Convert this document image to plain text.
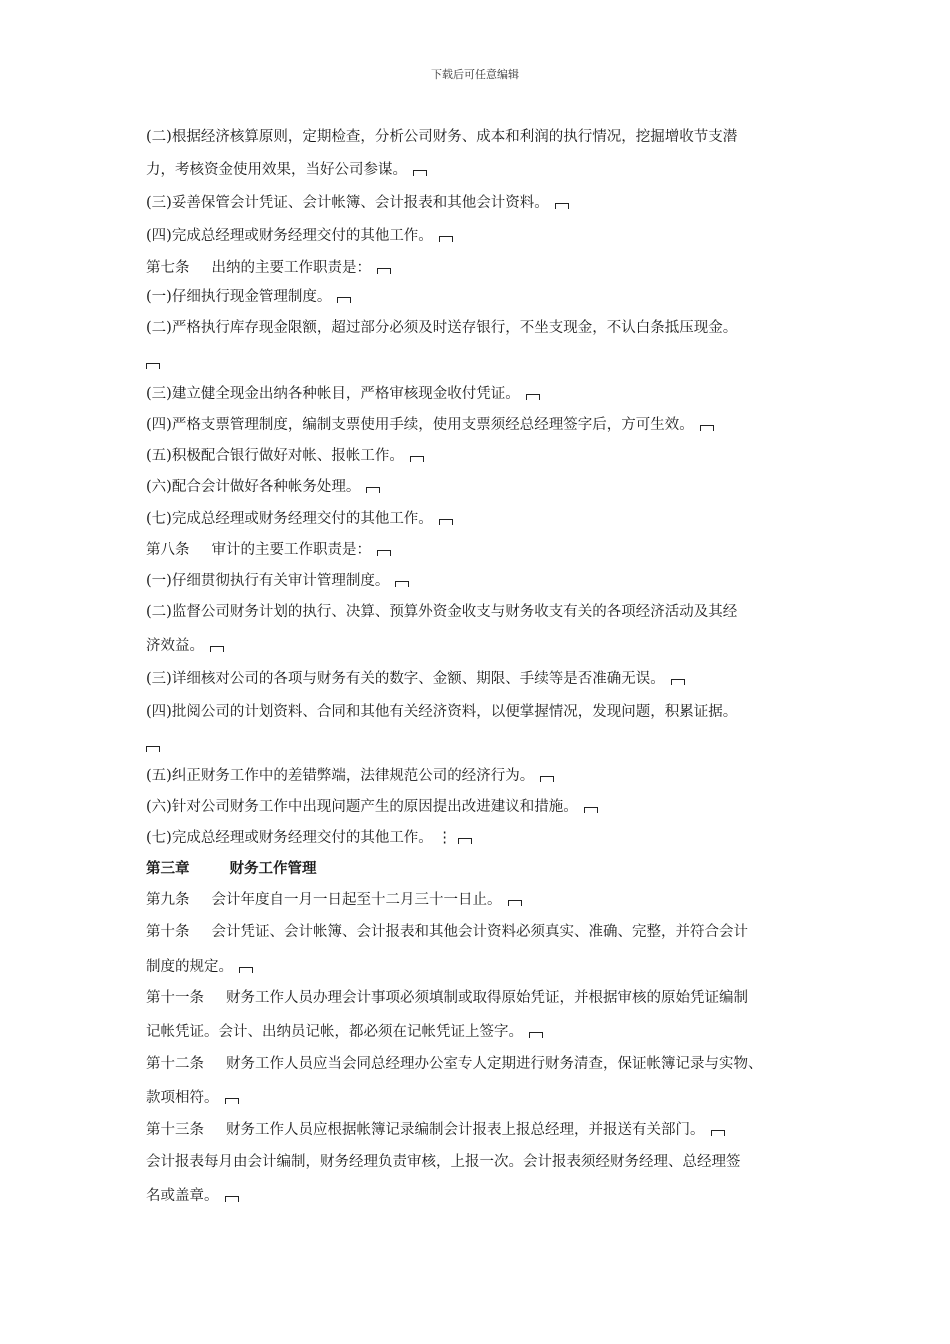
下载后可任意编辑
(二)根据经济核算原则，定期检查，分析公司财务、成本和利润的执行情况，挖掘增收节支潜
力，考核资金使用效果，当好公司参谋。
(三)妥善保管会计凭证、会计帐簿、会计报表和其他会计资料。
(四)完成总经理或财务经理交付的其他工作。
第七条 出纳的主要工作职责是：
(一)仔细执行现金管理制度。
(二)严格执行库存现金限额，超过部分必须及时送存银行，不坐支现金，不认白条抵压现金。
(三)建立健全现金出纳各种帐目，严格审核现金收付凭证。
(四)严格支票管理制度，编制支票使用手续，使用支票须经总经理签字后，方可生效。
(五)积极配合银行做好对帐、报帐工作。
(六)配合会计做好各种帐务处理。
(七)完成总经理或财务经理交付的其他工作。
第八条 审计的主要工作职责是：
(一)仔细贯彻执行有关审计管理制度。
(二)监督公司财务计划的执行、决算、预算外资金收支与财务收支有关的各项经济活动及其经
济效益。
(三)详细核对公司的各项与财务有关的数字、金额、期限、手续等是否准确无误。
(四)批阅公司的计划资料、合同和其他有关经济资料，以便掌握情况，发现问题，积累证据。
(五)纠正财务工作中的差错弊端，法律规范公司的经济行为。
(六)针对公司财务工作中出现问题产生的原因提出改进建议和措施。
(七)完成总经理或财务经理交付的其他工作。 ⋮
第三章	财务工作管理
第九条 会计年度自一月一日起至十二月三十一日止。
第十条 会计凭证、会计帐簿、会计报表和其他会计资料必须真实、准确、完整，并符合会计
制度的规定。
第十一条 财务工作人员办理会计事项必须填制或取得原始凭证，并根据审核的原始凭证编制
记帐凭证。会计、出纳员记帐，都必须在记帐凭证上签字。
第十二条 财务工作人员应当会同总经理办公室专人定期进行财务清查，保证帐簿记录与实物、
款项相符。
第十三条 财务工作人员应根据帐簿记录编制会计报表上报总经理，并报送有关部门。
会计报表每月由会计编制，财务经理负责审核，上报一次。会计报表须经财务经理、总经理签
名或盖章。
